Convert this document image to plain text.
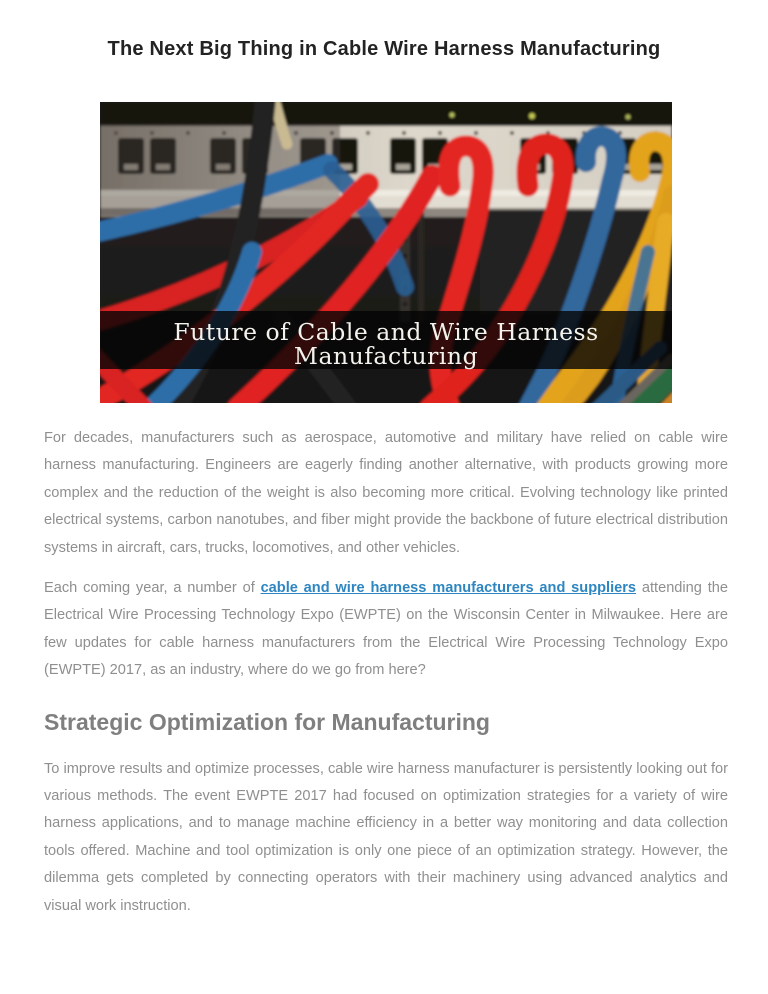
The Next Big Thing in Cable Wire Harness Manufacturing
Future of Cable and Wire Harness
Manufacturing

For decades, manufacturers such as aerospace, automotive and military have relied on cable wire harness manufacturing. Engineers are eagerly finding another alternative, with products growing more complex and the reduction of the weight is also becoming more critical. Evolving technology like printed electrical systems, carbon nanotubes, and fiber might provide the backbone of future electrical distribution systems in aircraft, cars, trucks, locomotives, and other vehicles.

Each coming year, a number of cable and wire harness manufacturers and suppliers attending the Electrical Wire Processing Technology Expo (EWPTE) on the Wisconsin Center in Milwaukee. Here are few updates for cable harness manufacturers from the Electrical Wire Processing Technology Expo (EWPTE) 2017, as an industry, where do we go from here?

Strategic Optimization for Manufacturing

To improve results and optimize processes, cable wire harness manufacturer is persistently looking out for various methods. The event EWPTE 2017 had focused on optimization strategies for a variety of wire harness applications, and to manage machine efficiency in a better way monitoring and data collection tools offered. Machine and tool optimization is only one piece of an optimization strategy. However, the dilemma gets completed by connecting operators with their machinery using advanced analytics and visual work instruction.
